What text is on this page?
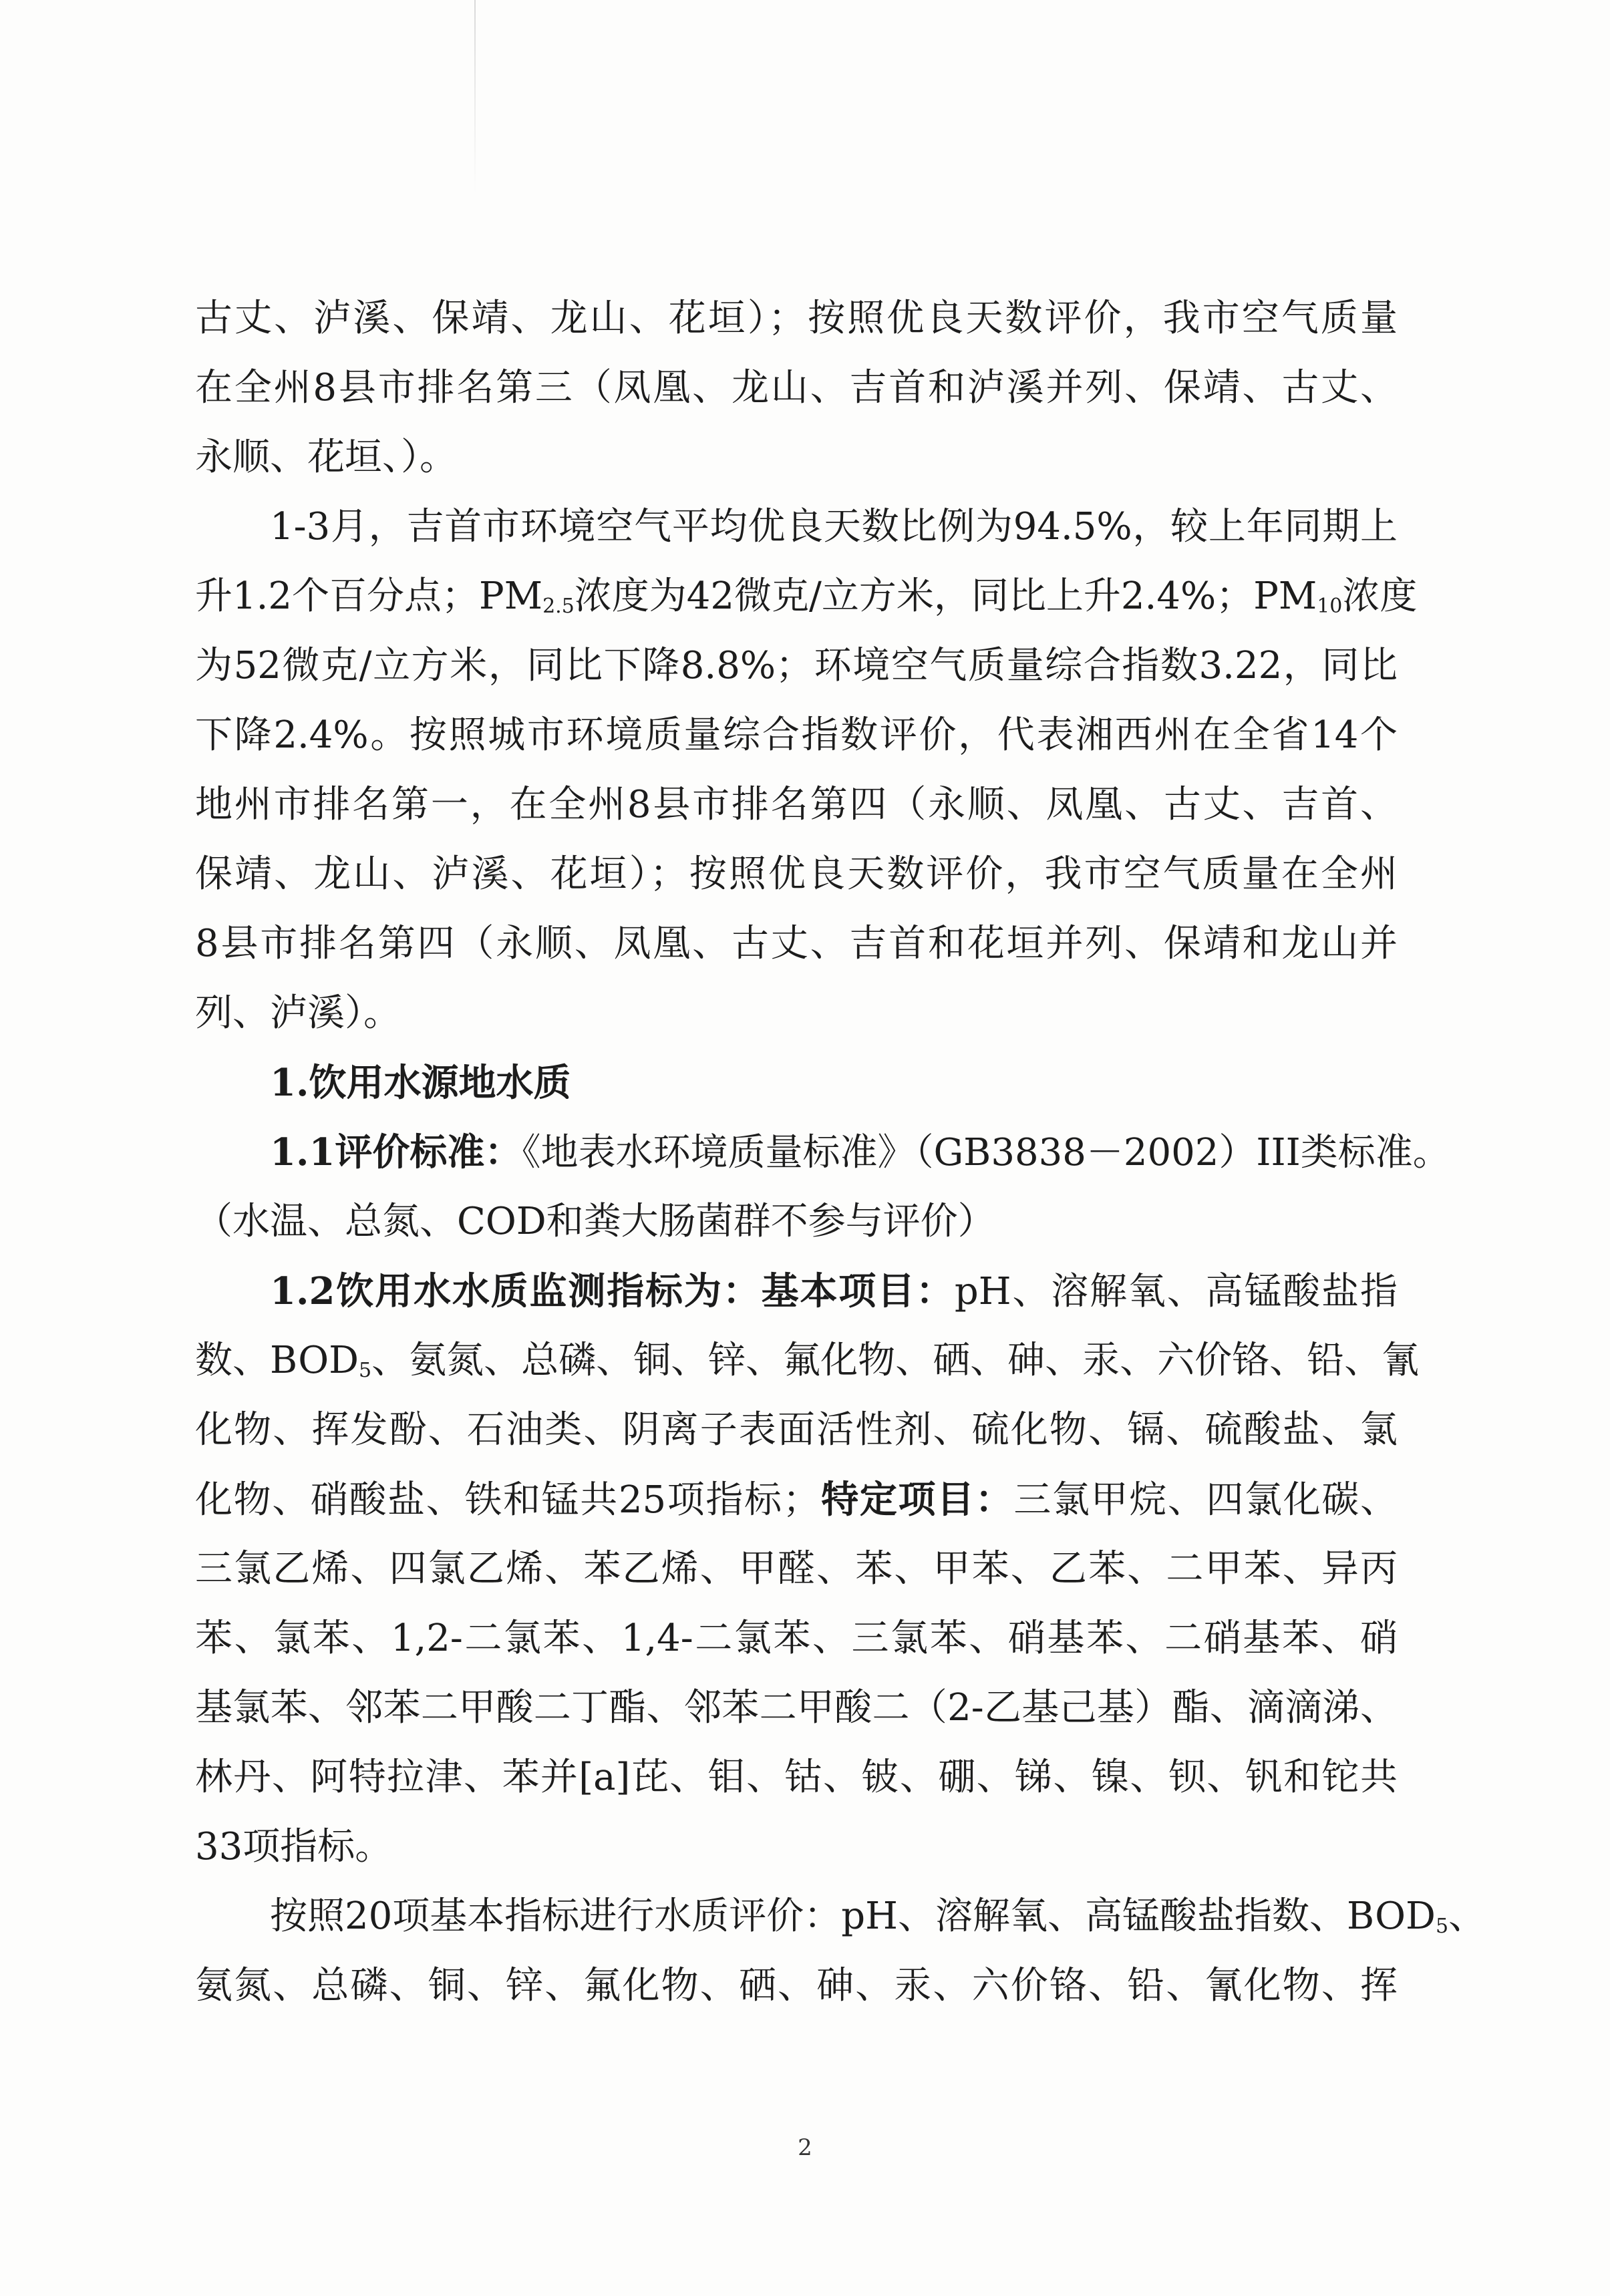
古丈、泸溪、保靖、龙山、花垣）；按照优良天数评价，我市空气质量
在全州8县市排名第三（凤凰、龙山、吉首和泸溪并列、保靖、古丈、
永顺、花垣、）。
1-3月，吉首市环境空气平均优良天数比例为94.5%，较上年同期上
升1.2个百分点；$PM_{2.5}$浓度为42微克/立方米，同比上升2.4%；$PM_{10}$浓度
为52微克/立方米，同比下降8.8%；环境空气质量综合指数3.22，同比
下降2.4%。按照城市环境质量综合指数评价，代表湘西州在全省14个
地州市排名第一，在全州8县市排名第四（永顺、凤凰、古丈、吉首、
保靖、龙山、泸溪、花垣）；按照优良天数评价，我市空气质量在全州
8县市排名第四（永顺、凤凰、古丈、吉首和花垣并列、保靖和龙山并
列、泸溪）。
1.饮用水源地水质
1.1评价标准：《地表水环境质量标准》（GB3838－2002）III类标准。
（水温、总氮、COD和粪大肠菌群不参与评价）
1.2饮用水水质监测指标为：基本项目：pH、溶解氧、高锰酸盐指
数、$BOD_5$、氨氮、总磷、铜、锌、氟化物、硒、砷、汞、六价铬、铅、氰
化物、挥发酚、石油类、阴离子表面活性剂、硫化物、镉、硫酸盐、氯
化物、硝酸盐、铁和锰共25项指标；特定项目：三氯甲烷、四氯化碳、
三氯乙烯、四氯乙烯、苯乙烯、甲醛、苯、甲苯、乙苯、二甲苯、异丙
苯、氯苯、1,2-二氯苯、1,4-二氯苯、三氯苯、硝基苯、二硝基苯、硝
基氯苯、邻苯二甲酸二丁酯、邻苯二甲酸二（2-乙基己基）酯、滴滴涕、
林丹、阿特拉津、苯并[a]芘、钼、钴、铍、硼、锑、镍、钡、钒和铊共
33项指标。
按照20项基本指标进行水质评价：pH、溶解氧、高锰酸盐指数、$BOD_5$、
氨氮、总磷、铜、锌、氟化物、硒、砷、汞、六价铬、铅、氰化物、挥
2
